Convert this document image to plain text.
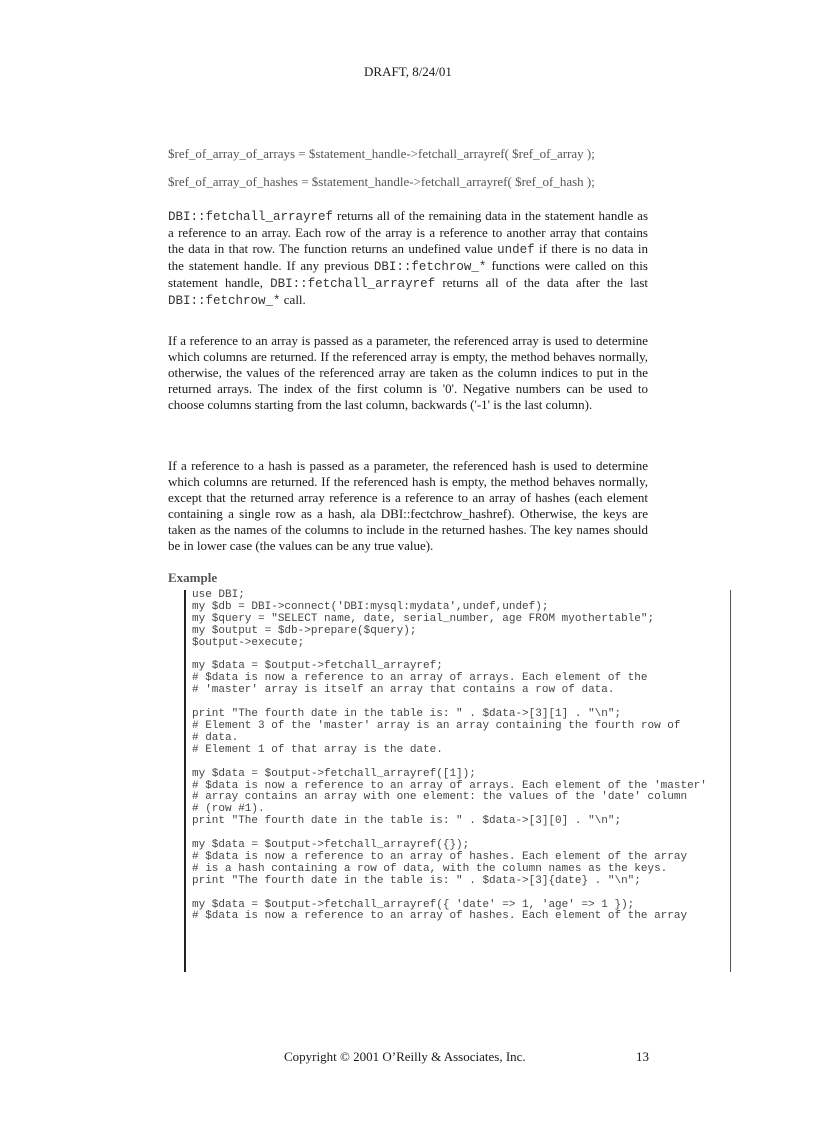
DRAFT, 8/24/01
$ref_of_array_of_arrays = $statement_handle->fetchall_arrayref( $ref_of_array );
$ref_of_array_of_hashes = $statement_handle->fetchall_arrayref( $ref_of_hash );
DBI::fetchall_arrayref returns all of the remaining data in the statement handle as a reference to an array. Each row of the array is a reference to another array that contains the data in that row. The function returns an undefined value undef if there is no data in the statement handle. If any previous DBI::fetchrow_* functions were called on this statement handle, DBI::fetchall_arrayref returns all of the data after the last DBI::fetchrow_* call.
If a reference to an array is passed as a parameter, the referenced array is used to determine which columns are returned. If the referenced array is empty, the method behaves normally, otherwise, the values of the referenced array are taken as the column indices to put in the returned arrays. The index of the first column is '0'. Negative numbers can be used to choose columns starting from the last column, backwards ('-1' is the last column).
If a reference to a hash is passed as a parameter, the referenced hash is used to determine which columns are returned. If the referenced hash is empty, the method behaves normally, except that the returned array reference is a reference to an array of hashes (each element containing a single row as a hash, ala DBI::fectchrow_hashref). Otherwise, the keys are taken as the names of the columns to include in the returned hashes. The key names should be in lower case (the values can be any true value).
Example
use DBI;
my $db = DBI->connect('DBI:mysql:mydata',undef,undef);
my $query = "SELECT name, date, serial_number, age FROM myothertable";
my $output = $db->prepare($query);
$output->execute;

my $data = $output->fetchall_arrayref;
# $data is now a reference to an array of arrays. Each element of the
# 'master' array is itself an array that contains a row of data.

print "The fourth date in the table is: " . $data->[3][1] . "\n";
# Element 3 of the 'master' array is an array containing the fourth row of
# data.
# Element 1 of that array is the date.

my $data = $output->fetchall_arrayref([1]);
# $data is now a reference to an array of arrays. Each element of the 'master'
# array contains an array with one element: the values of the 'date' column
# (row #1).
print "The fourth date in the table is: " . $data->[3][0] . "\n";

my $data = $output->fetchall_arrayref({});
# $data is now a reference to an array of hashes. Each element of the array
# is a hash containing a row of data, with the column names as the keys.
print "The fourth date in the table is: " . $data->[3]{date} . "\n";

my $data = $output->fetchall_arrayref({ 'date' => 1, 'age' => 1 });
# $data is now a reference to an array of hashes. Each element of the array
Copyright © 2001 O’Reilly & Associates, Inc.	13
